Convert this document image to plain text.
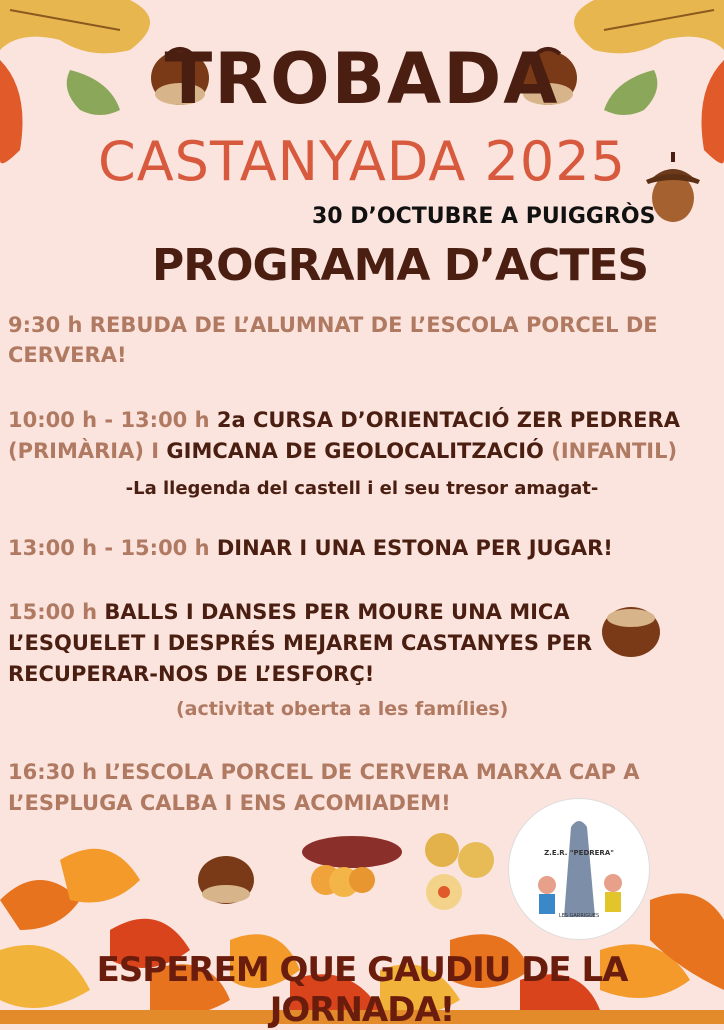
TROBADA
CASTANYADA 2025
30 D’OCTUBRE A PUIGGRÒS
PROGRAMA D’ACTES
9:30 h REBUDA DE L’ALUMNAT DE L’ESCOLA PORCEL DE
CERVERA!
10:00 h - 13:00 h 2a CURSA D’ORIENTACIÓ ZER PEDRERA
(PRIMÀRIA) I GIMCANA DE GEOLOCALITZACIÓ (INFANTIL)
-La llegenda del castell i el seu tresor amagat-
13:00 h - 15:00 h DINAR I UNA ESTONA PER JUGAR!
15:00 h BALLS I DANSES PER MOURE UNA MICA
L’ESQUELET I DESPRÉS MEJAREM CASTANYES PER
RECUPERAR-NOS DE L’ESFORÇ!
(activitat oberta a les famílies)
16:30 h L’ESCOLA PORCEL DE CERVERA MARXA CAP A
L’ESPLUGA CALBA I ENS ACOMIADEM!
Z.E.R. "PEDRERA"
LES GARRIGUES
ESPEREM QUE GAUDIU DE LA JORNADA!
